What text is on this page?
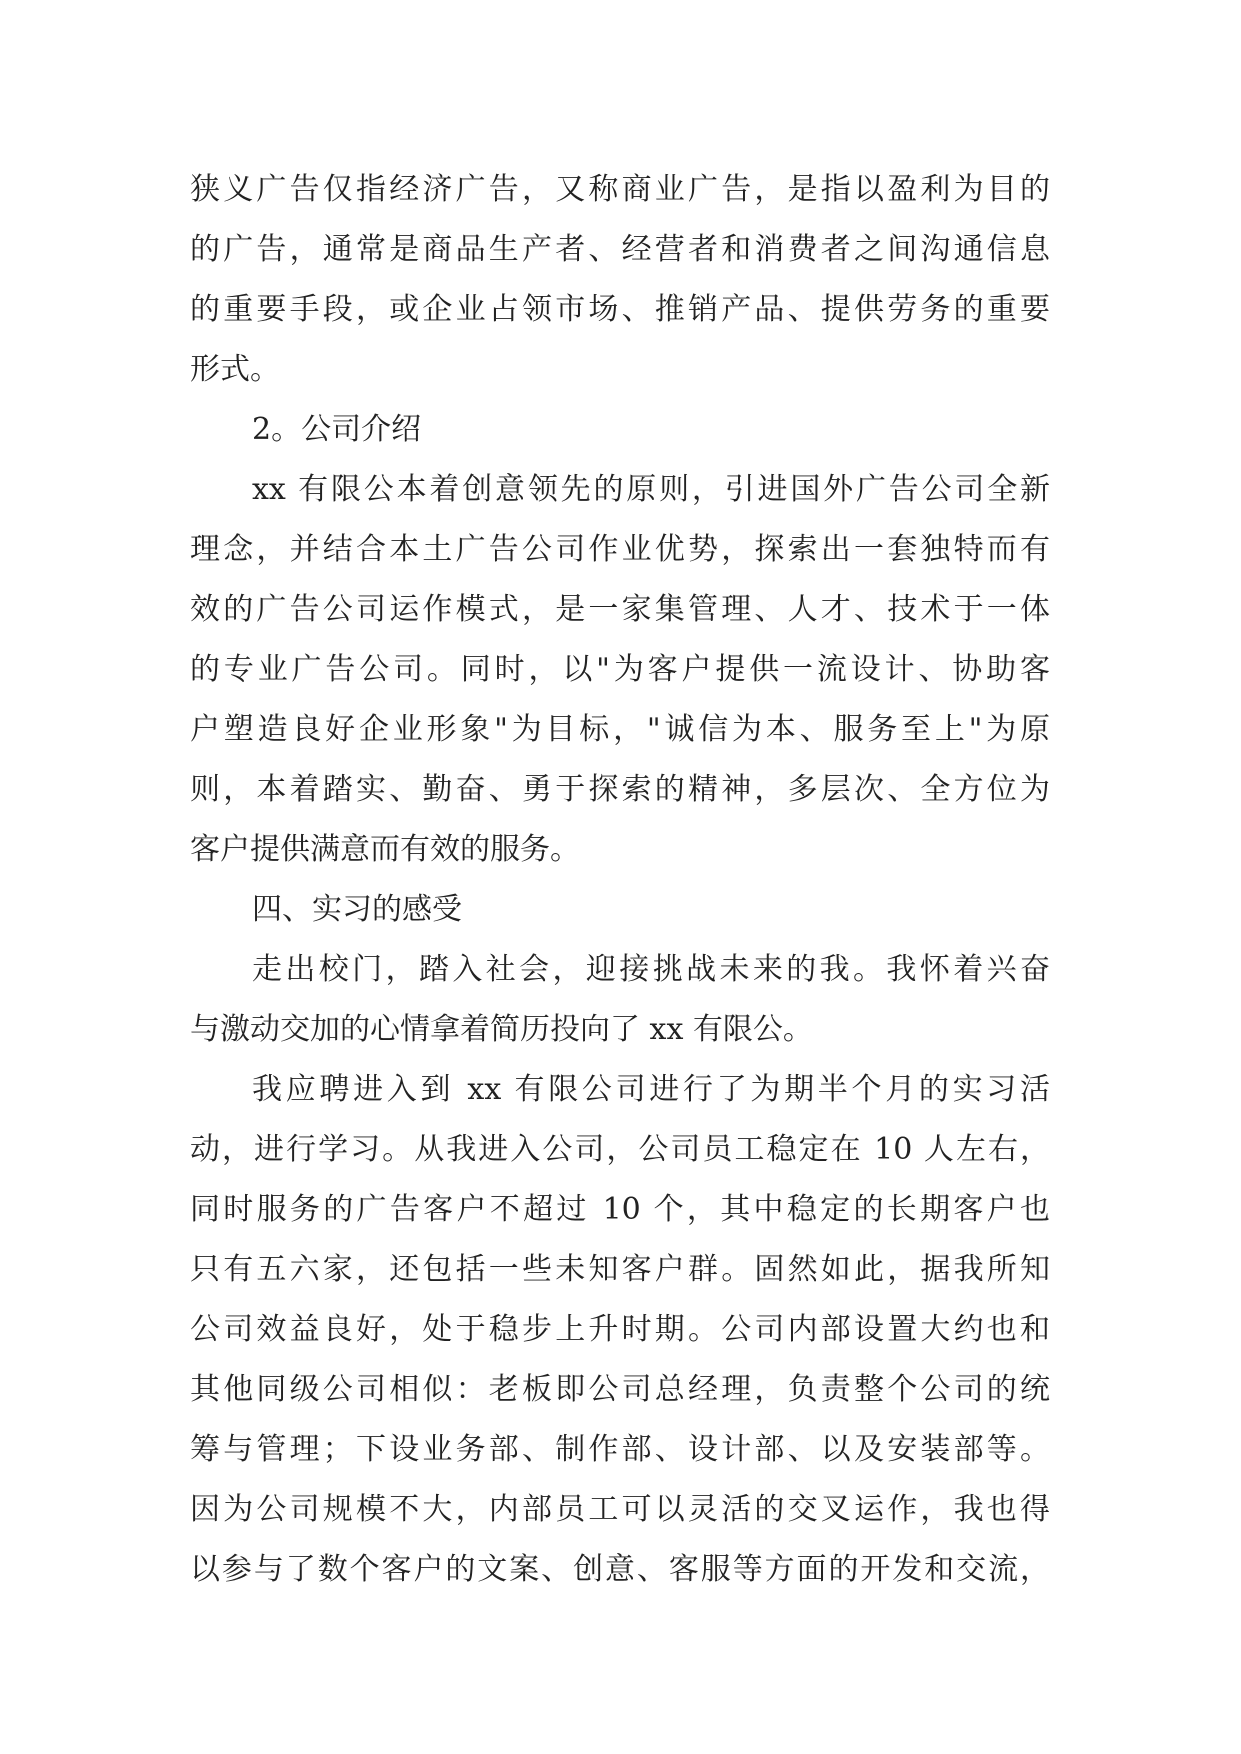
狭义广告仅指经济广告，又称商业广告，是指以盈利为目的
的广告，通常是商品生产者、经营者和消费者之间沟通信息
的重要手段，或企业占领市场、推销产品、提供劳务的重要
形式。
2。公司介绍
xx 有限公本着创意领先的原则，引进国外广告公司全新
理念，并结合本土广告公司作业优势，探索出一套独特而有
效的广告公司运作模式，是一家集管理、人才、技术于一体
的专业广告公司。同时，以"为客户提供一流设计、协助客
户塑造良好企业形象"为目标，"诚信为本、服务至上"为原
则，本着踏实、勤奋、勇于探索的精神，多层次、全方位为
客户提供满意而有效的服务。
四、实习的感受
走出校门，踏入社会，迎接挑战未来的我。我怀着兴奋
与激动交加的心情拿着简历投向了 xx 有限公。
我应聘进入到 xx 有限公司进行了为期半个月的实习活
动，进行学习。从我进入公司，公司员工稳定在 10 人左右，
同时服务的广告客户不超过 10 个，其中稳定的长期客户也
只有五六家，还包括一些未知客户群。固然如此，据我所知
公司效益良好，处于稳步上升时期。公司内部设置大约也和
其他同级公司相似：老板即公司总经理，负责整个公司的统
筹与管理；下设业务部、制作部、设计部、以及安装部等。
因为公司规模不大，内部员工可以灵活的交叉运作，我也得
以参与了数个客户的文案、创意、客服等方面的开发和交流，
